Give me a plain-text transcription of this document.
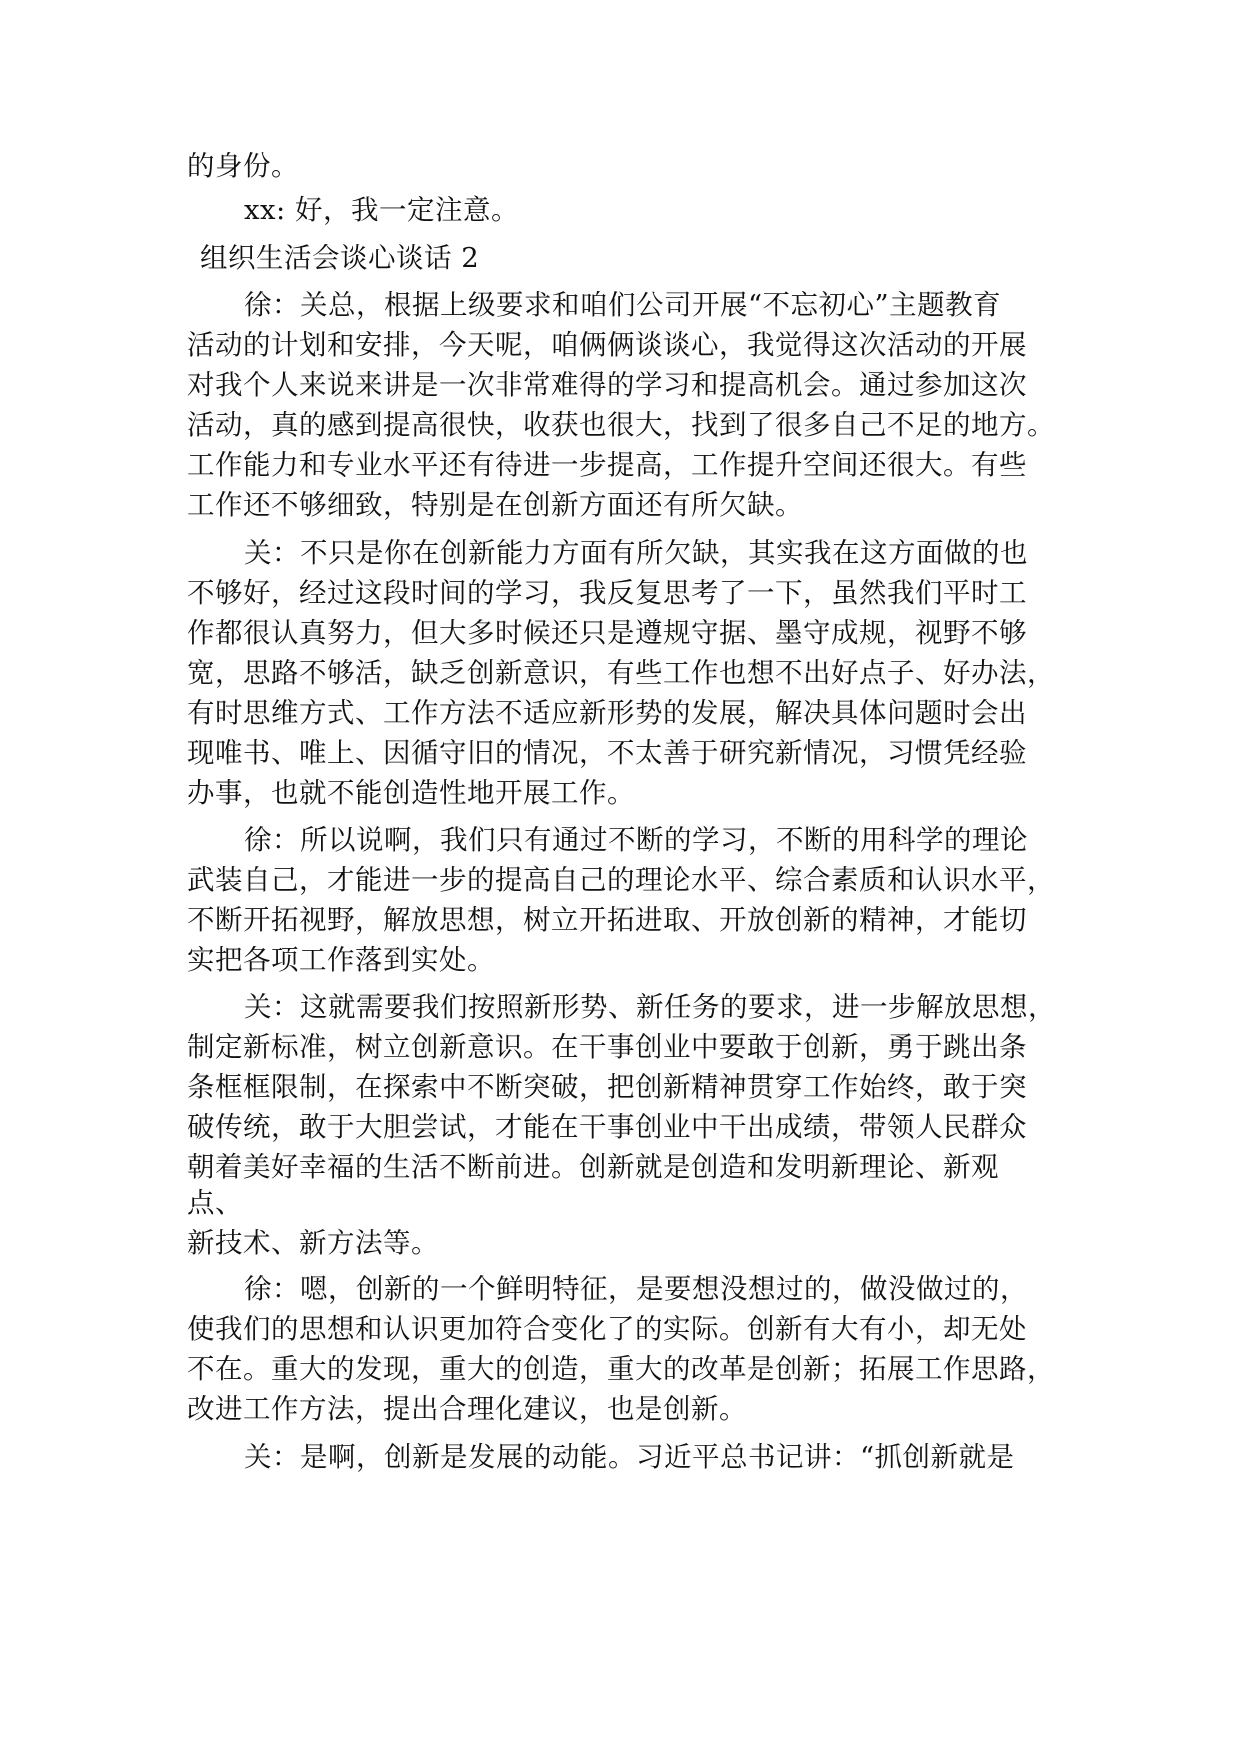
的身份。
xx: 好，我一定注意。
组织生活会谈心谈话 2
徐：关总，根据上级要求和咱们公司开展“不忘初心”主题教育
活动的计划和安排，今天呢，咱俩俩谈谈心，我觉得这次活动的开展
对我个人来说来讲是一次非常难得的学习和提高机会。通过参加这次
活动，真的感到提高很快，收获也很大，找到了很多自己不足的地方。
工作能力和专业水平还有待进一步提高，工作提升空间还很大。有些
工作还不够细致，特别是在创新方面还有所欠缺。
关：不只是你在创新能力方面有所欠缺，其实我在这方面做的也
不够好，经过这段时间的学习，我反复思考了一下，虽然我们平时工
作都很认真努力，但大多时候还只是遵规守据、墨守成规，视野不够
宽，思路不够活，缺乏创新意识，有些工作也想不出好点子、好办法，
有时思维方式、工作方法不适应新形势的发展，解决具体问题时会出
现唯书、唯上、因循守旧的情况，不太善于研究新情况，习惯凭经验
办事，也就不能创造性地开展工作。
徐：所以说啊，我们只有通过不断的学习，不断的用科学的理论
武装自己，才能进一步的提高自己的理论水平、综合素质和认识水平，
不断开拓视野，解放思想，树立开拓进取、开放创新的精神，才能切
实把各项工作落到实处。
关：这就需要我们按照新形势、新任务的要求，进一步解放思想，
制定新标准，树立创新意识。在干事创业中要敢于创新，勇于跳出条
条框框限制，在探索中不断突破，把创新精神贯穿工作始终，敢于突
破传统，敢于大胆尝试，才能在干事创业中干出成绩，带领人民群众
朝着美好幸福的生活不断前进。创新就是创造和发明新理论、新观
点、
新技术、新方法等。
徐：嗯，创新的一个鲜明特征，是要想没想过的，做没做过的，
使我们的思想和认识更加符合变化了的实际。创新有大有小，却无处
不在。重大的发现，重大的创造，重大的改革是创新；拓展工作思路，
改进工作方法，提出合理化建议，也是创新。
关：是啊，创新是发展的动能。习近平总书记讲：“抓创新就是
